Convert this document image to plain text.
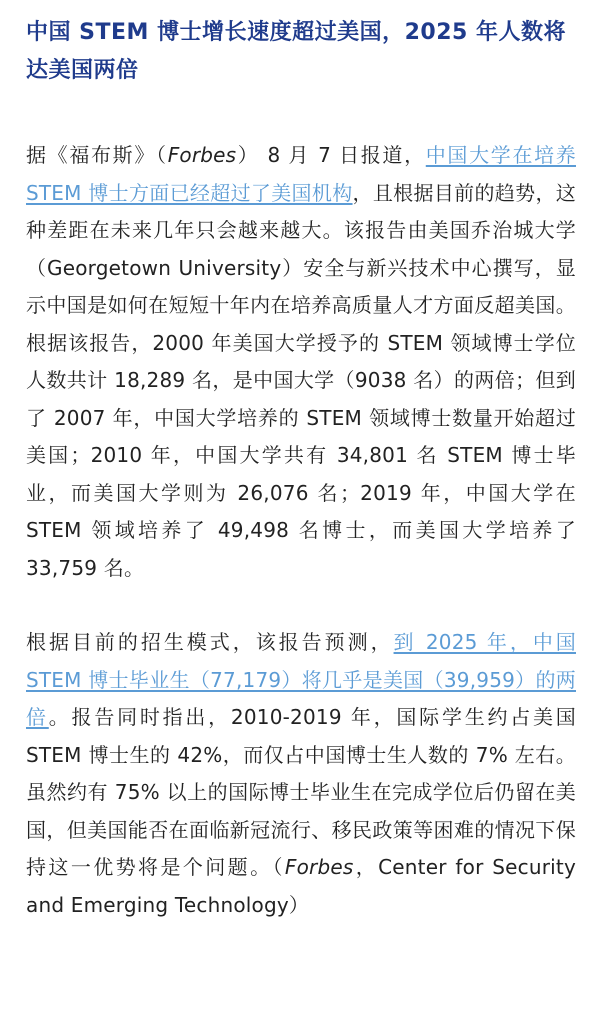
中国 STEM 博士增长速度超过美国，2025 年人数将达美国两倍

据《福布斯》（Forbes） 8 月 7 日报道，中国大学在培养 STEM 博士方面已经超过了美国机构，且根据目前的趋势，这种差距在未来几年只会越来越大。该报告由美国乔治城大学（Georgetown University）安全与新兴技术中心撰写，显示中国是如何在短短十年内在培养高质量人才方面反超美国。根据该报告，2000 年美国大学授予的 STEM 领域博士学位人数共计 18,289 名，是中国大学（9038 名）的两倍；但到了 2007 年，中国大学培养的 STEM 领域博士数量开始超过美国；2010 年，中国大学共有 34,801 名 STEM 博士毕业，而美国大学则为 26,076 名；2019 年，中国大学在 STEM 领域培养了 49,498 名博士，而美国大学培养了 33,759 名。

根据目前的招生模式，该报告预测，到 2025 年，中国 STEM 博士毕业生（77,179）将几乎是美国（39,959）的两倍。报告同时指出，2010-2019 年，国际学生约占美国 STEM 博士生的 42%，而仅占中国博士生人数的 7% 左右。虽然约有 75% 以上的国际博士毕业生在完成学位后仍留在美国，但美国能否在面临新冠流行、移民政策等困难的情况下保持这一优势将是个问题。（Forbes，Center for Security and Emerging Technology）
